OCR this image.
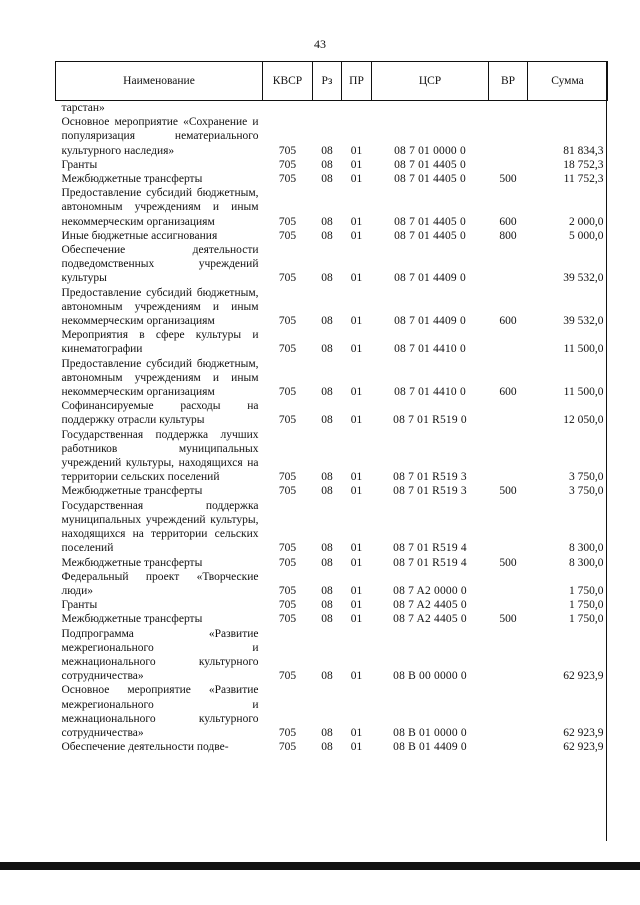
43
Наименование	КВСР	Рз	ПР	ЦСР	ВР	Сумма
тарстан»						
Основное мероприятие «Сохранение и популяризация нематериального культурного наследия»	705	08	01	08 7 01 0000 0		81 834,3
Гранты	705	08	01	08 7 01 4405 0		18 752,3
Межбюджетные трансферты	705	08	01	08 7 01 4405 0	500	11 752,3
Предоставление субсидий бюджетным, автономным учреждениям и иным некоммерческим организациям	705	08	01	08 7 01 4405 0	600	2 000,0
Иные бюджетные ассигнования	705	08	01	08 7 01 4405 0	800	5 000,0
Обеспечение деятельности подведомственных учреждений культуры	705	08	01	08 7 01 4409 0		39 532,0
Предоставление субсидий бюджетным, автономным учреждениям и иным некоммерческим организациям	705	08	01	08 7 01 4409 0	600	39 532,0
Мероприятия в сфере культуры и кинематографии	705	08	01	08 7 01 4410 0		11 500,0
Предоставление субсидий бюджетным, автономным учреждениям и иным некоммерческим организациям	705	08	01	08 7 01 4410 0	600	11 500,0
Софинансируемые расходы на поддержку отрасли культуры	705	08	01	08 7 01 R519 0		12 050,0
Государственная поддержка лучших работников муниципальных учреждений культуры, находящихся на территории сельских поселений	705	08	01	08 7 01 R519 3		3 750,0
Межбюджетные трансферты	705	08	01	08 7 01 R519 3	500	3 750,0
Государственная поддержка муниципальных учреждений культуры, находящихся на территории сельских поселений	705	08	01	08 7 01 R519 4		8 300,0
Межбюджетные трансферты	705	08	01	08 7 01 R519 4	500	8 300,0
Федеральный проект «Творческие люди»	705	08	01	08 7 A2 0000 0		1 750,0
Гранты	705	08	01	08 7 A2 4405 0		1 750,0
Межбюджетные трансферты	705	08	01	08 7 A2 4405 0	500	1 750,0
Подпрограмма «Развитие межрегионального и межнационального культурного сотрудничества»	705	08	01	08 В 00 0000 0		62 923,9
Основное мероприятие «Развитие межрегионального и межнационального культурного сотрудничества»	705	08	01	08 В 01 0000 0		62 923,9
Обеспечение деятельности подве-	705	08	01	08 В 01 4409 0		62 923,9
